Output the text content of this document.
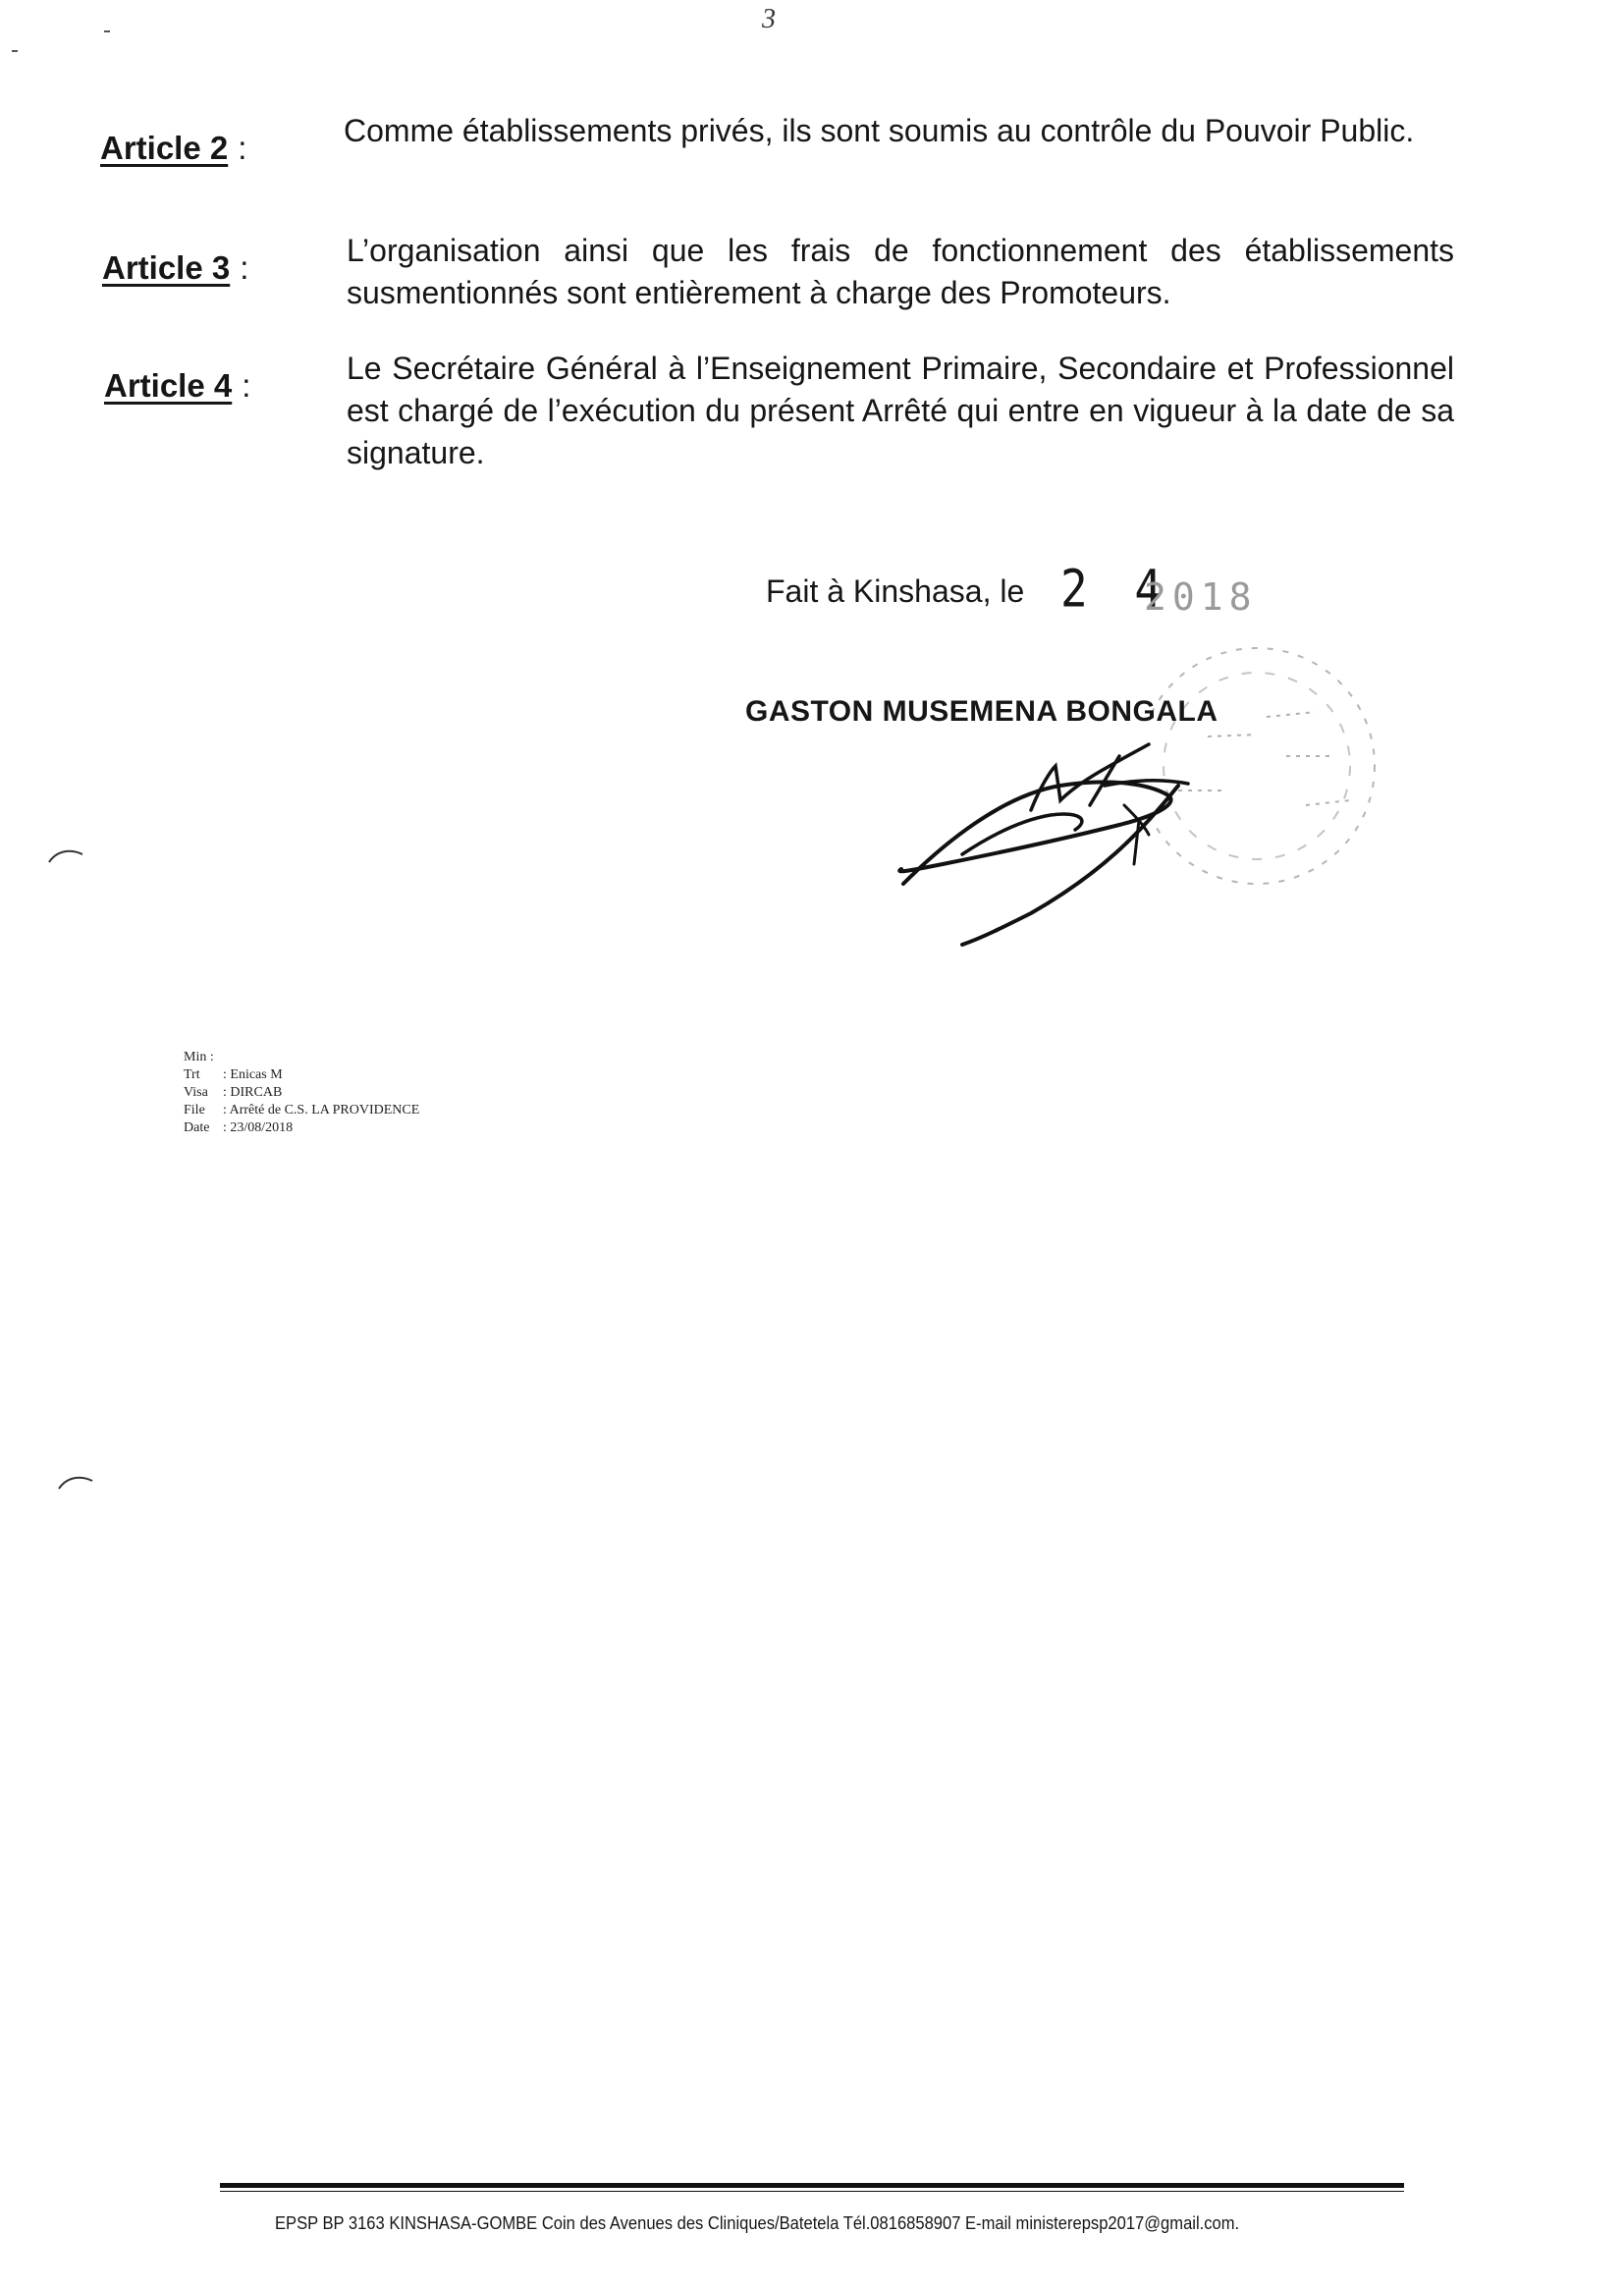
3
Article 2 :	Comme établissements privés, ils sont soumis au contrôle du Pouvoir Public.
Article 3 :	L’organisation ainsi que les frais de fonctionnement des établissements susmentionnés sont entièrement à charge des Promoteurs.
Article 4 :	Le Secrétaire Général à l’Enseignement Primaire, Secondaire et Professionnel est chargé de l’exécution du présent Arrêté qui entre en vigueur à la date de sa signature.
Fait à Kinshasa, le 2 4
2018
GASTON MUSEMENA BONGALA
Min :
Trt : Enicas M
Visa : DIRCAB
File : Arrêté de C.S. LA PROVIDENCE
Date : 23/08/2018
EPSP BP 3163 KINSHASA-GOMBE Coin des Avenues des Cliniques/Batetela Tél.0816858907 E-mail ministerepsp2017@gmail.com.
